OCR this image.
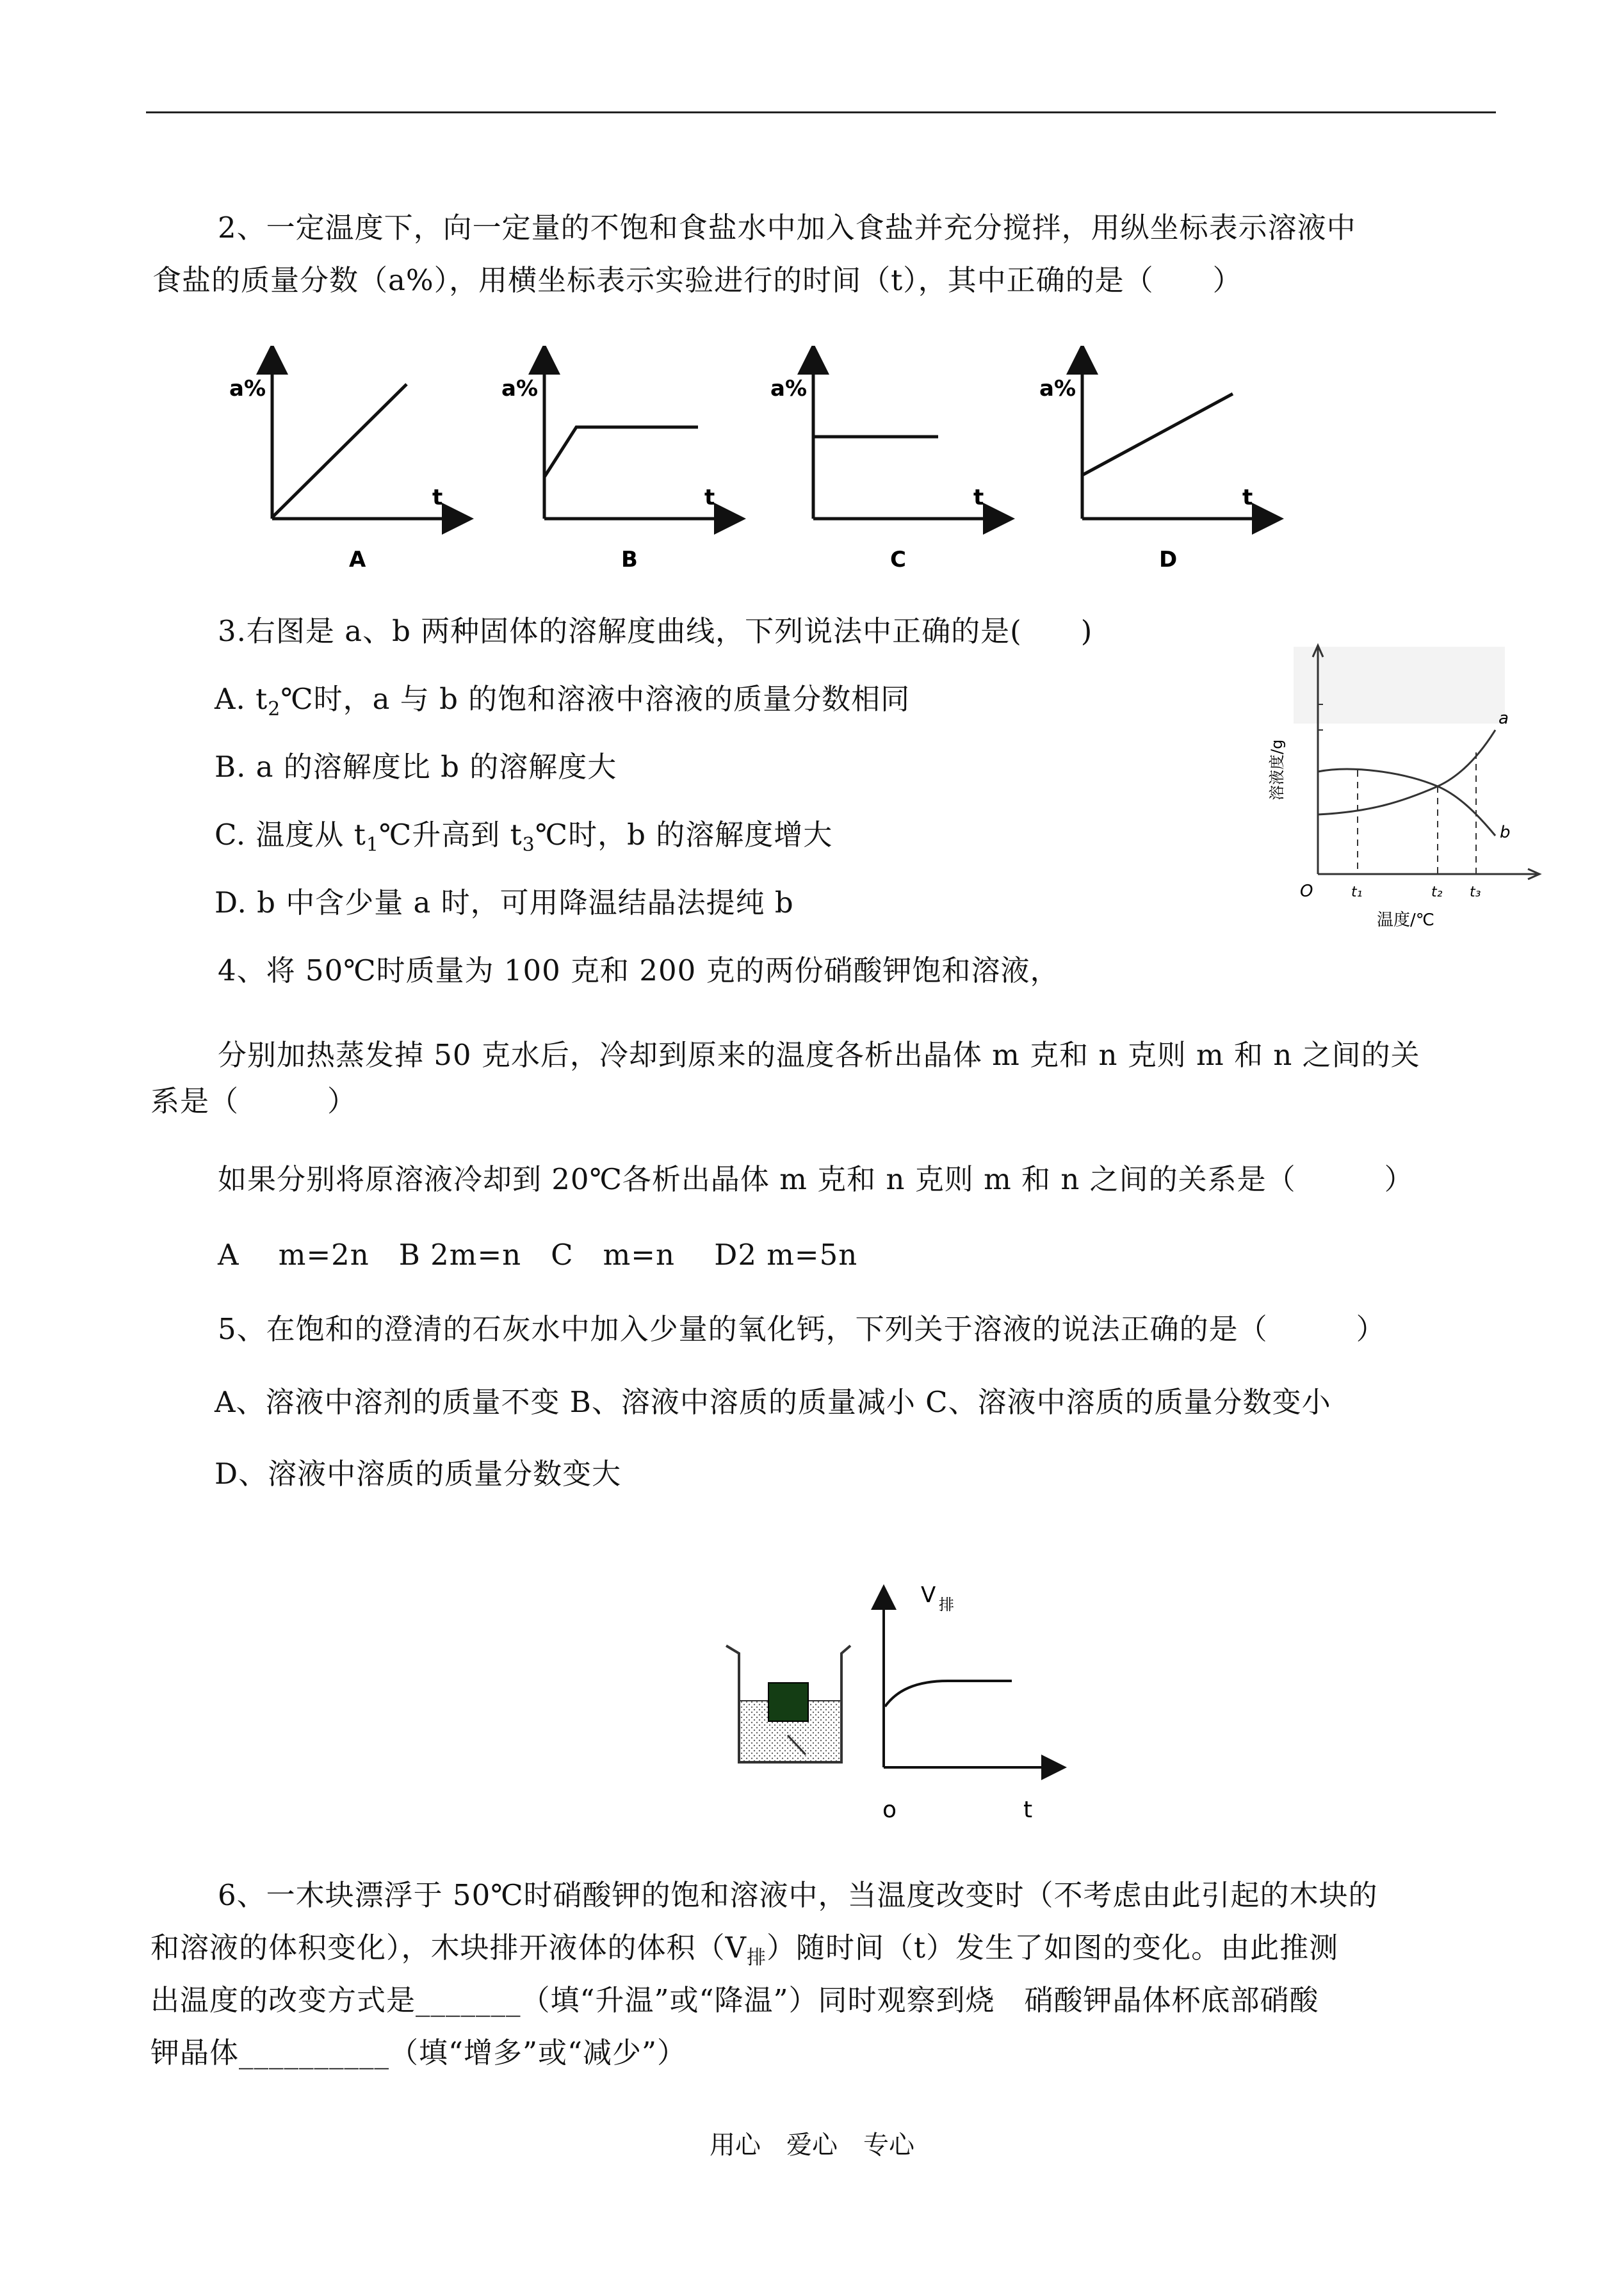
2、一定温度下，向一定量的不饱和食盐水中加入食盐并充分搅拌，用纵坐标表示溶液中
食盐的质量分数（a%），用横坐标表示实验进行的时间（t），其中正确的是（　　）
a%
t
A
a%
t
B
a%
t
C
a%
t
D
3.右图是 a、b 两种固体的溶解度曲线，下列说法中正确的是(　　)
A. $t_2℃$时，a 与 b 的饱和溶液中溶液的质量分数相同
B. a 的溶解度比 b 的溶解度大
C. 温度从 $t_1℃$升高到 $t_3℃$时，b 的溶解度增大
D. b 中含少量 a 时，可用降温结晶法提纯 b
a
b
O	t₁	t₂ t₃
温度/℃
溶液度/g
4、将 50℃时质量为 100 克和 200 克的两份硝酸钾饱和溶液，
分别加热蒸发掉 50 克水后，冷却到原来的温度各析出晶体 m 克和 n 克则 m 和 n 之间的关
系是（　　　）
如果分别将原溶液冷却到 20℃各析出晶体 m 克和 n 克则 m 和 n 之间的关系是（　　　）
A　 m=2n　B 2m=n　C　m=n　 D2 m=5n
5、在饱和的澄清的石灰水中加入少量的氧化钙，下列关于溶液的说法正确的是（　　　）
A、溶液中溶剂的质量不变 B、溶液中溶质的质量减小 C、溶液中溶质的质量分数变小
D、溶液中溶质的质量分数变大
V 排
o	t
6、一木块漂浮于 50℃时硝酸钾的饱和溶液中，当温度改变时（不考虑由此引起的木块的
和溶液的体积变化），木块排开液体的体积$(V_排)$随时间（t）发生了如图的变化。由此推测
出温度的改变方式是_______（填“升温”或“降温”）同时观察到烧　硝酸钾晶体杯底部硝酸
钾晶体__________（填“增多”或“减少”）
用心　爱心　专心
